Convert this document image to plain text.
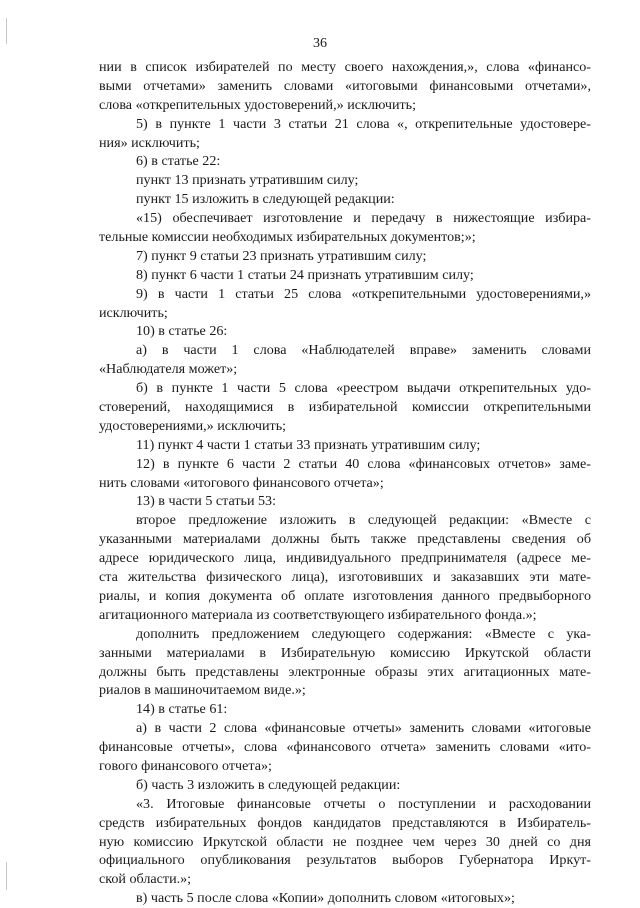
36
нии в список избирателей по месту своего нахождения,», слова «финансо-
выми отчетами» заменить словами «итоговыми финансовыми отчетами»,
слова «открепительных удостоверений,» исключить;
5) в пункте 1 части 3 статьи 21 слова «, открепительные удостовере-
ния» исключить;
6) в статье 22:
пункт 13 признать утратившим силу;
пункт 15 изложить в следующей редакции:
«15) обеспечивает изготовление и передачу в нижестоящие избира-
тельные комиссии необходимых избирательных документов;»;
7) пункт 9 статьи 23 признать утратившим силу;
8) пункт 6 части 1 статьи 24 признать утратившим силу;
9) в части 1 статьи 25 слова «открепительными удостоверениями,»
исключить;
10) в статье 26:
а) в части 1 слова «Наблюдателей вправе» заменить словами
«Наблюдателя может»;
б) в пункте 1 части 5 слова «реестром выдачи открепительных удо-
стоверений, находящимися в избирательной комиссии открепительными
удостоверениями,» исключить;
11) пункт 4 части 1 статьи 33 признать утратившим силу;
12) в пункте 6 части 2 статьи 40 слова «финансовых отчетов» заме-
нить словами «итогового финансового отчета»;
13) в части 5 статьи 53:
второе предложение изложить в следующей редакции: «Вместе с
указанными материалами должны быть также представлены сведения об
адресе юридического лица, индивидуального предпринимателя (адресе ме-
ста жительства физического лица), изготовивших и заказавших эти мате-
риалы, и копия документа об оплате изготовления данного предвыборного
агитационного материала из соответствующего избирательного фонда.»;
дополнить предложением следующего содержания: «Вместе с ука-
занными материалами в Избирательную комиссию Иркутской области
должны быть представлены электронные образы этих агитационных мате-
риалов в машиночитаемом виде.»;
14) в статье 61:
а) в части 2 слова «финансовые отчеты» заменить словами «итоговые
финансовые отчеты», слова «финансового отчета» заменить словами «ито-
гового финансового отчета»;
б) часть 3 изложить в следующей редакции:
«3. Итоговые финансовые отчеты о поступлении и расходовании
средств избирательных фондов кандидатов представляются в Избиратель-
ную комиссию Иркутской области не позднее чем через 30 дней со дня
официального опубликования результатов выборов Губернатора Иркут-
ской области.»;
в) часть 5 после слова «Копии» дополнить словом «итоговых»;
